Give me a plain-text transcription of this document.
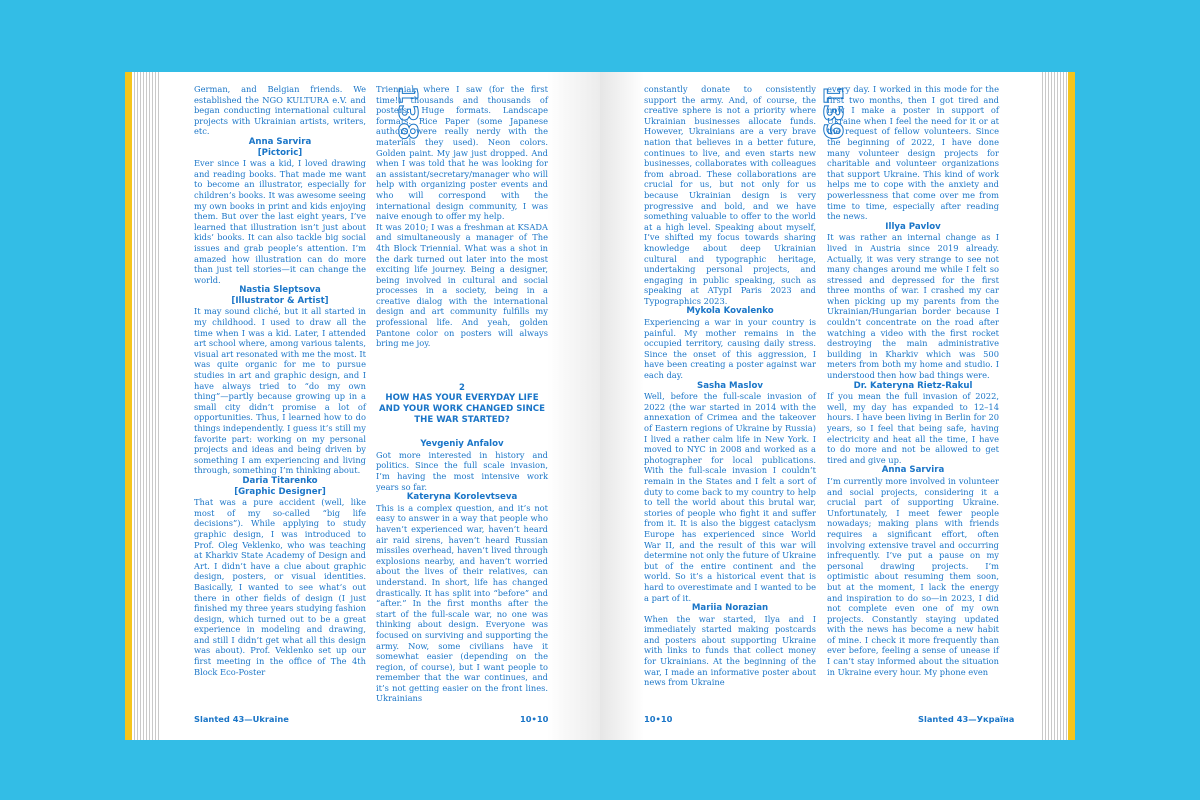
German, and Belgian friends. We established the NGO KULTURA e.V. and began conducting international cultural projects with Ukrainian artists, writers, etc.

Anna Sarvira

[Pictoric]

Ever since I was a kid, I loved drawing and reading books. That made me want to become an illustrator, especially for children’s books. It was awesome seeing my own books in print and kids enjoying them. But over the last eight years, I’ve learned that illustration isn’t just about kids’ books. It can also tackle big social issues and grab people’s attention. I’m amazed how illustration can do more than just tell stories—it can change the world.

Nastia Sleptsova

[Illustrator & Artist]

It may sound cliché, but it all started in my childhood. I used to draw all the time when I was a kid. Later, I attended art school where, among various talents, visual art resonated with me the most. It was quite organic for me to pursue studies in art and graphic design, and I have always tried to “do my own thing”—partly because growing up in a small city didn’t promise a lot of opportunities. Thus, I learned how to do things independently. I guess it’s still my favorite part: working on my personal projects and ideas and being driven by something I am experiencing and living through, something I’m thinking about.

Daria Titarenko

[Graphic Designer]

That was a pure accident (well, like most of my so-called “big life decisions”). While applying to study graphic design, I was introduced to Prof. Oleg Veklenko, who was teaching at Kharkiv State Academy of Design and Art. I didn’t have a clue about graphic design, posters, or visual identities. Basically, I wanted to see what’s out there in other fields of design (I just finished my three years studying fashion design, which turned out to be a great experience in modeling and drawing, and still I didn’t get what all this design was about). Prof. Veklenko set up our first meeting in the office of The 4th Block Eco-Poster

Triennial, where I saw (for the first time!) thousands and thousands of posters. Huge formats. Landscape formats. Rice Paper (some Japanese authors were really nerdy with the materials they used). Neon colors. Golden paint. My jaw just dropped. And when I was told that he was looking for an assistant/secretary/manager who will help with organizing poster events and who will correspond with the international design community, I was naive enough to offer my help.

It was 2010; I was a freshman at KSADA and simultaneously a manager of The 4th Block Triennial. What was a shot in the dark turned out later into the most exciting life journey. Being a designer, being involved in cultural and social processes in a society, being in a creative dialog with the international design and art community fulfills my professional life. And yeah, golden Pantone color on posters will always bring me joy.

2

HOW HAS YOUR EVERYDAY LIFE AND YOUR WORK CHANGED SINCE THE WAR STARTED?

Yevgeniy Anfalov

Got more interested in history and politics. Since the full scale invasion, I’m having the most intensive work years so far.

Kateryna Korolevtseva

This is a complex question, and it’s not easy to answer in a way that people who haven’t experienced war, haven’t heard air raid sirens, haven’t heard Russian missiles overhead, haven’t lived through explosions nearby, and haven’t worried about the lives of their relatives, can understand. In short, life has changed drastically. It has split into “before” and “after.” In the first months after the start of the full-scale war, no one was thinking about design. Everyone was focused on surviving and supporting the army. Now, some civilians have it somewhat easier (depending on the region, of course), but I want people to remember that the war continues, and it’s not getting easier on the front lines. Ukrainians

138
Slanted 43—Ukraine	10•10

constantly donate to consistently support the army. And, of course, the creative sphere is not a priority where Ukrainian businesses allocate funds. However, Ukrainians are a very brave nation that believes in a better future, continues to live, and even starts new businesses, collaborates with colleagues from abroad. These collaborations are crucial for us, but not only for us because Ukrainian design is very progressive and bold, and we have something valuable to offer to the world at a high level. Speaking about myself, I’ve shifted my focus towards sharing knowledge about deep Ukrainian cultural and typographic heritage, undertaking personal projects, and engaging in public speaking, such as speaking at ATypI Paris 2023 and Typographics 2023.

Mykola Kovalenko

Experiencing a war in your country is painful. My mother remains in the occupied territory, causing daily stress. Since the onset of this aggression, I have been creating a poster against war each day.

Sasha Maslov

Well, before the full-scale invasion of 2022 (the war started in 2014 with the annexation of Crimea and the takeover of Eastern regions of Ukraine by Russia) I lived a rather calm life in New York. I moved to NYC in 2008 and worked as a photographer for local publications. With the full-scale invasion I couldn’t remain in the States and I felt a sort of duty to come back to my country to help to tell the world about this brutal war, stories of people who fight it and suffer from it. It is also the biggest cataclysm Europe has experienced since World War II, and the result of this war will determine not only the future of Ukraine but of the entire continent and the world. So it’s a historical event that is hard to overestimate and I wanted to be a part of it.

Mariia Norazian

When the war started, Ilya and I immediately started making postcards and posters about supporting Ukraine with links to funds that collect money for Ukrainians. At the beginning of the war, I made an informative poster about news from Ukraine

every day. I worked in this mode for the first two months, then I got tired and now I make a poster in support of Ukraine when I feel the need for it or at the request of fellow volunteers. Since the beginning of 2022, I have done many volunteer design projects for charitable and volunteer organizations that support Ukraine. This kind of work helps me to cope with the anxiety and powerlessness that come over me from time to time, especially after reading the news.

Illya Pavlov

It was rather an internal change as I lived in Austria since 2019 already. Actually, it was very strange to see not many changes around me while I felt so stressed and depressed for the first three months of war. I crashed my car when picking up my parents from the Ukrainian/Hungarian border because I couldn’t concentrate on the road after watching a video with the first rocket destroying the main administrative building in Kharkiv which was 500 meters from both my home and studio. I understood then how bad things were.

Dr. Kateryna Rietz-Rakul

If you mean the full invasion of 2022, well, my day has expanded to 12–14 hours. I have been living in Berlin for 20 years, so I feel that being safe, having electricity and heat all the time, I have to do more and not be allowed to get tired and give up.

Anna Sarvira

I’m currently more involved in volunteer and social projects, considering it a crucial part of supporting Ukraine. Unfortunately, I meet fewer people nowadays; making plans with friends requires a significant effort, often involving extensive travel and occurring infrequently. I’ve put a pause on my personal drawing projects. I’m optimistic about resuming them soon, but at the moment, I lack the energy and inspiration to do so—in 2023, I did not complete even one of my own projects. Constantly staying updated with the news has become a new habit of mine. I check it more frequently than ever before, feeling a sense of unease if I can’t stay informed about the situation in Ukraine every hour. My phone even

139
10•10	Slanted 43—Україна
